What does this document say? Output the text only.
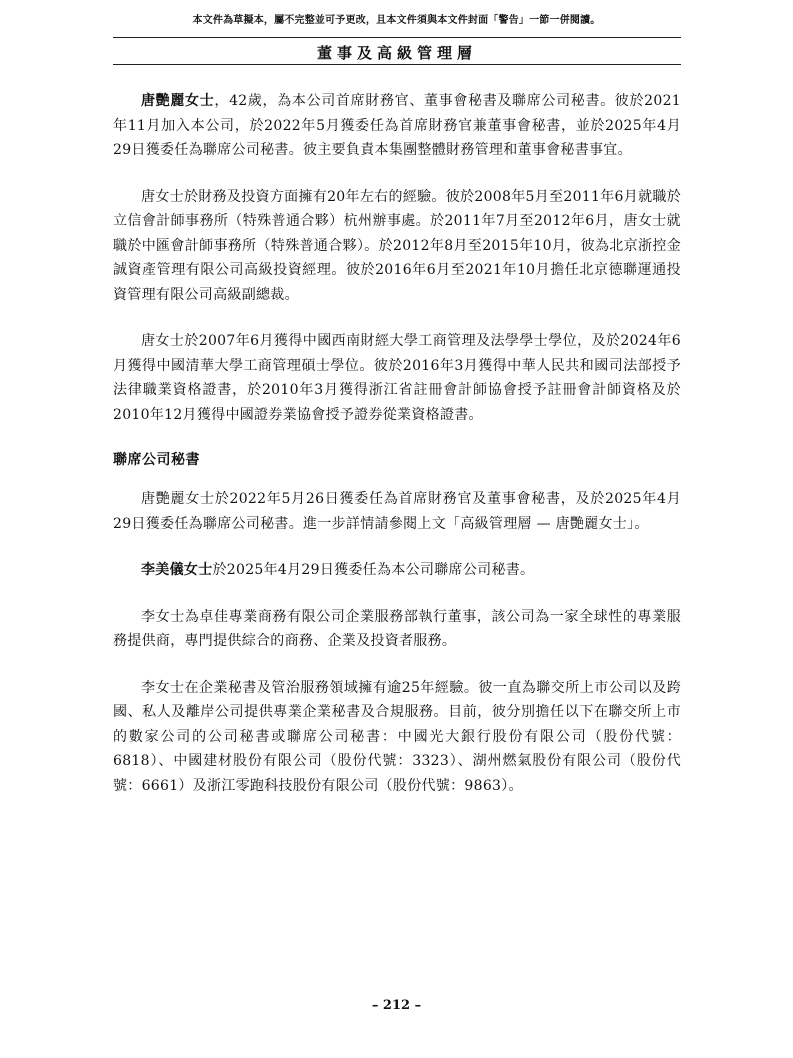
本文件為草擬本，屬不完整並可予更改，且本文件須與本文件封面「警告」一節一併閱讀。
董事及高級管理層

唐艷麗女士，42歲，為本公司首席財務官、董事會秘書及聯席公司秘書。彼於2021年11月加入本公司，於2022年5月獲委任為首席財務官兼董事會秘書，並於2025年4月29日獲委任為聯席公司秘書。彼主要負責本集團整體財務管理和董事會秘書事宜。

唐女士於財務及投資方面擁有20年左右的經驗。彼於2008年5月至2011年6月就職於立信會計師事務所（特殊普通合夥）杭州辦事處。於2011年7月至2012年6月，唐女士就職於中匯會計師事務所（特殊普通合夥）。於2012年8月至2015年10月，彼為北京浙控金誠資產管理有限公司高級投資經理。彼於2016年6月至2021年10月擔任北京德聯運通投資管理有限公司高級副總裁。

唐女士於2007年6月獲得中國西南財經大學工商管理及法學學士學位，及於2024年6月獲得中國清華大學工商管理碩士學位。彼於2016年3月獲得中華人民共和國司法部授予法律職業資格證書，於2010年3月獲得浙江省註冊會計師協會授予註冊會計師資格及於2010年12月獲得中國證券業協會授予證券從業資格證書。

聯席公司秘書

唐艷麗女士於2022年5月26日獲委任為首席財務官及董事會秘書，及於2025年4月29日獲委任為聯席公司秘書。進一步詳情請參閱上文「高級管理層 — 唐艷麗女士」。

李美儀女士於2025年4月29日獲委任為本公司聯席公司秘書。

李女士為卓佳專業商務有限公司企業服務部執行董事，該公司為一家全球性的專業服務提供商，專門提供綜合的商務、企業及投資者服務。

李女士在企業秘書及管治服務領域擁有逾25年經驗。彼一直為聯交所上市公司以及跨國、私人及離岸公司提供專業企業秘書及合規服務。目前，彼分別擔任以下在聯交所上市的數家公司的公司秘書或聯席公司秘書：中國光大銀行股份有限公司（股份代號：6818）、中國建材股份有限公司（股份代號：3323）、湖州燃氣股份有限公司（股份代號：6661）及浙江零跑科技股份有限公司（股份代號：9863）。

– 212 –
